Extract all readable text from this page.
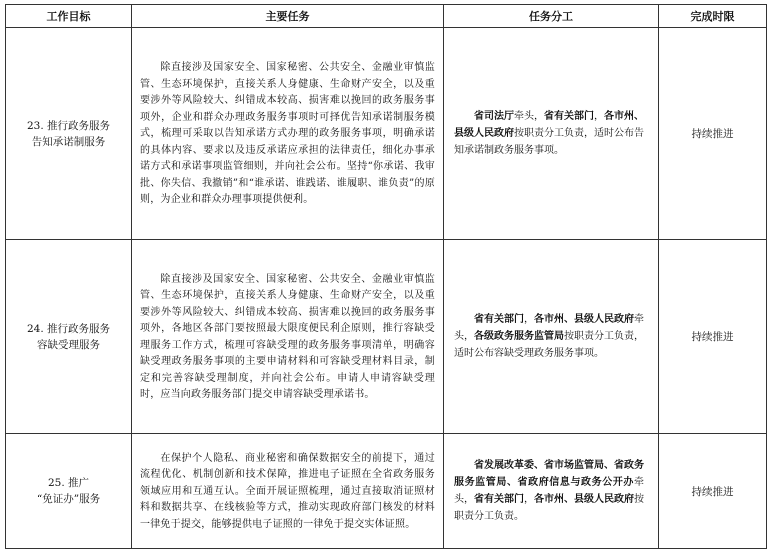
工作目标	主要任务	任务分工	完成时限

23. 推行政务服务
告知承诺制服务	除直接涉及国家安全、国家秘密、公共安全、金融业审慎监管、生态环境保护，直接关系人身健康、生命财产安全，以及重要涉外等风险较大、纠错成本较高、损害难以挽回的政务服务事项外，企业和群众办理政务服务事项时可择优告知承诺制服务模式，梳理可采取以告知承诺方式办理的政务服务事项，明确承诺的具体内容、要求以及违反承诺应承担的法律责任，细化办事承诺方式和承诺事项监管细则，并向社会公布。坚持“你承诺、我审批、你失信、我撤销”和“谁承诺、谁践诺、谁履职、谁负责”的原则，为企业和群众办理事项提供便利。	省司法厅牵头，省有关部门，各市州、县级人民政府按职责分工负责，适时公布告知承诺制政务服务事项。	持续推进

24. 推行政务服务
容缺受理服务	除直接涉及国家安全、国家秘密、公共安全、金融业审慎监管、生态环境保护，直接关系人身健康、生命财产安全，以及重要涉外等风险较大、纠错成本较高、损害难以挽回的政务服务事项外，各地区各部门要按照最大限度便民利企原则，推行容缺受理服务工作方式，梳理可容缺受理的政务服务事项清单，明确容缺受理政务服务事项的主要申请材料和可容缺受理材料目录，制定和完善容缺受理制度，并向社会公布。申请人申请容缺受理时，应当向政务服务部门提交申请容缺受理承诺书。	省有关部门，各市州、县级人民政府牵头，各级政务服务监管局按职责分工负责，适时公布容缺受理政务服务事项。	持续推进

25. 推广
“免证办”服务	在保护个人隐私、商业秘密和确保数据安全的前提下，通过流程优化、机制创新和技术保障，推进电子证照在全省政务服务领域应用和互通互认。全面开展证照梳理，通过直接取消证照材料和数据共享、在线核验等方式，推动实现政府部门核发的材料一律免于提交，能够提供电子证照的一律免于提交实体证照。	省发展改革委、省市场监管局、省政务服务监管局、省政府信息与政务公开办牵头，省有关部门，各市州、县级人民政府按职责分工负责。	持续推进
